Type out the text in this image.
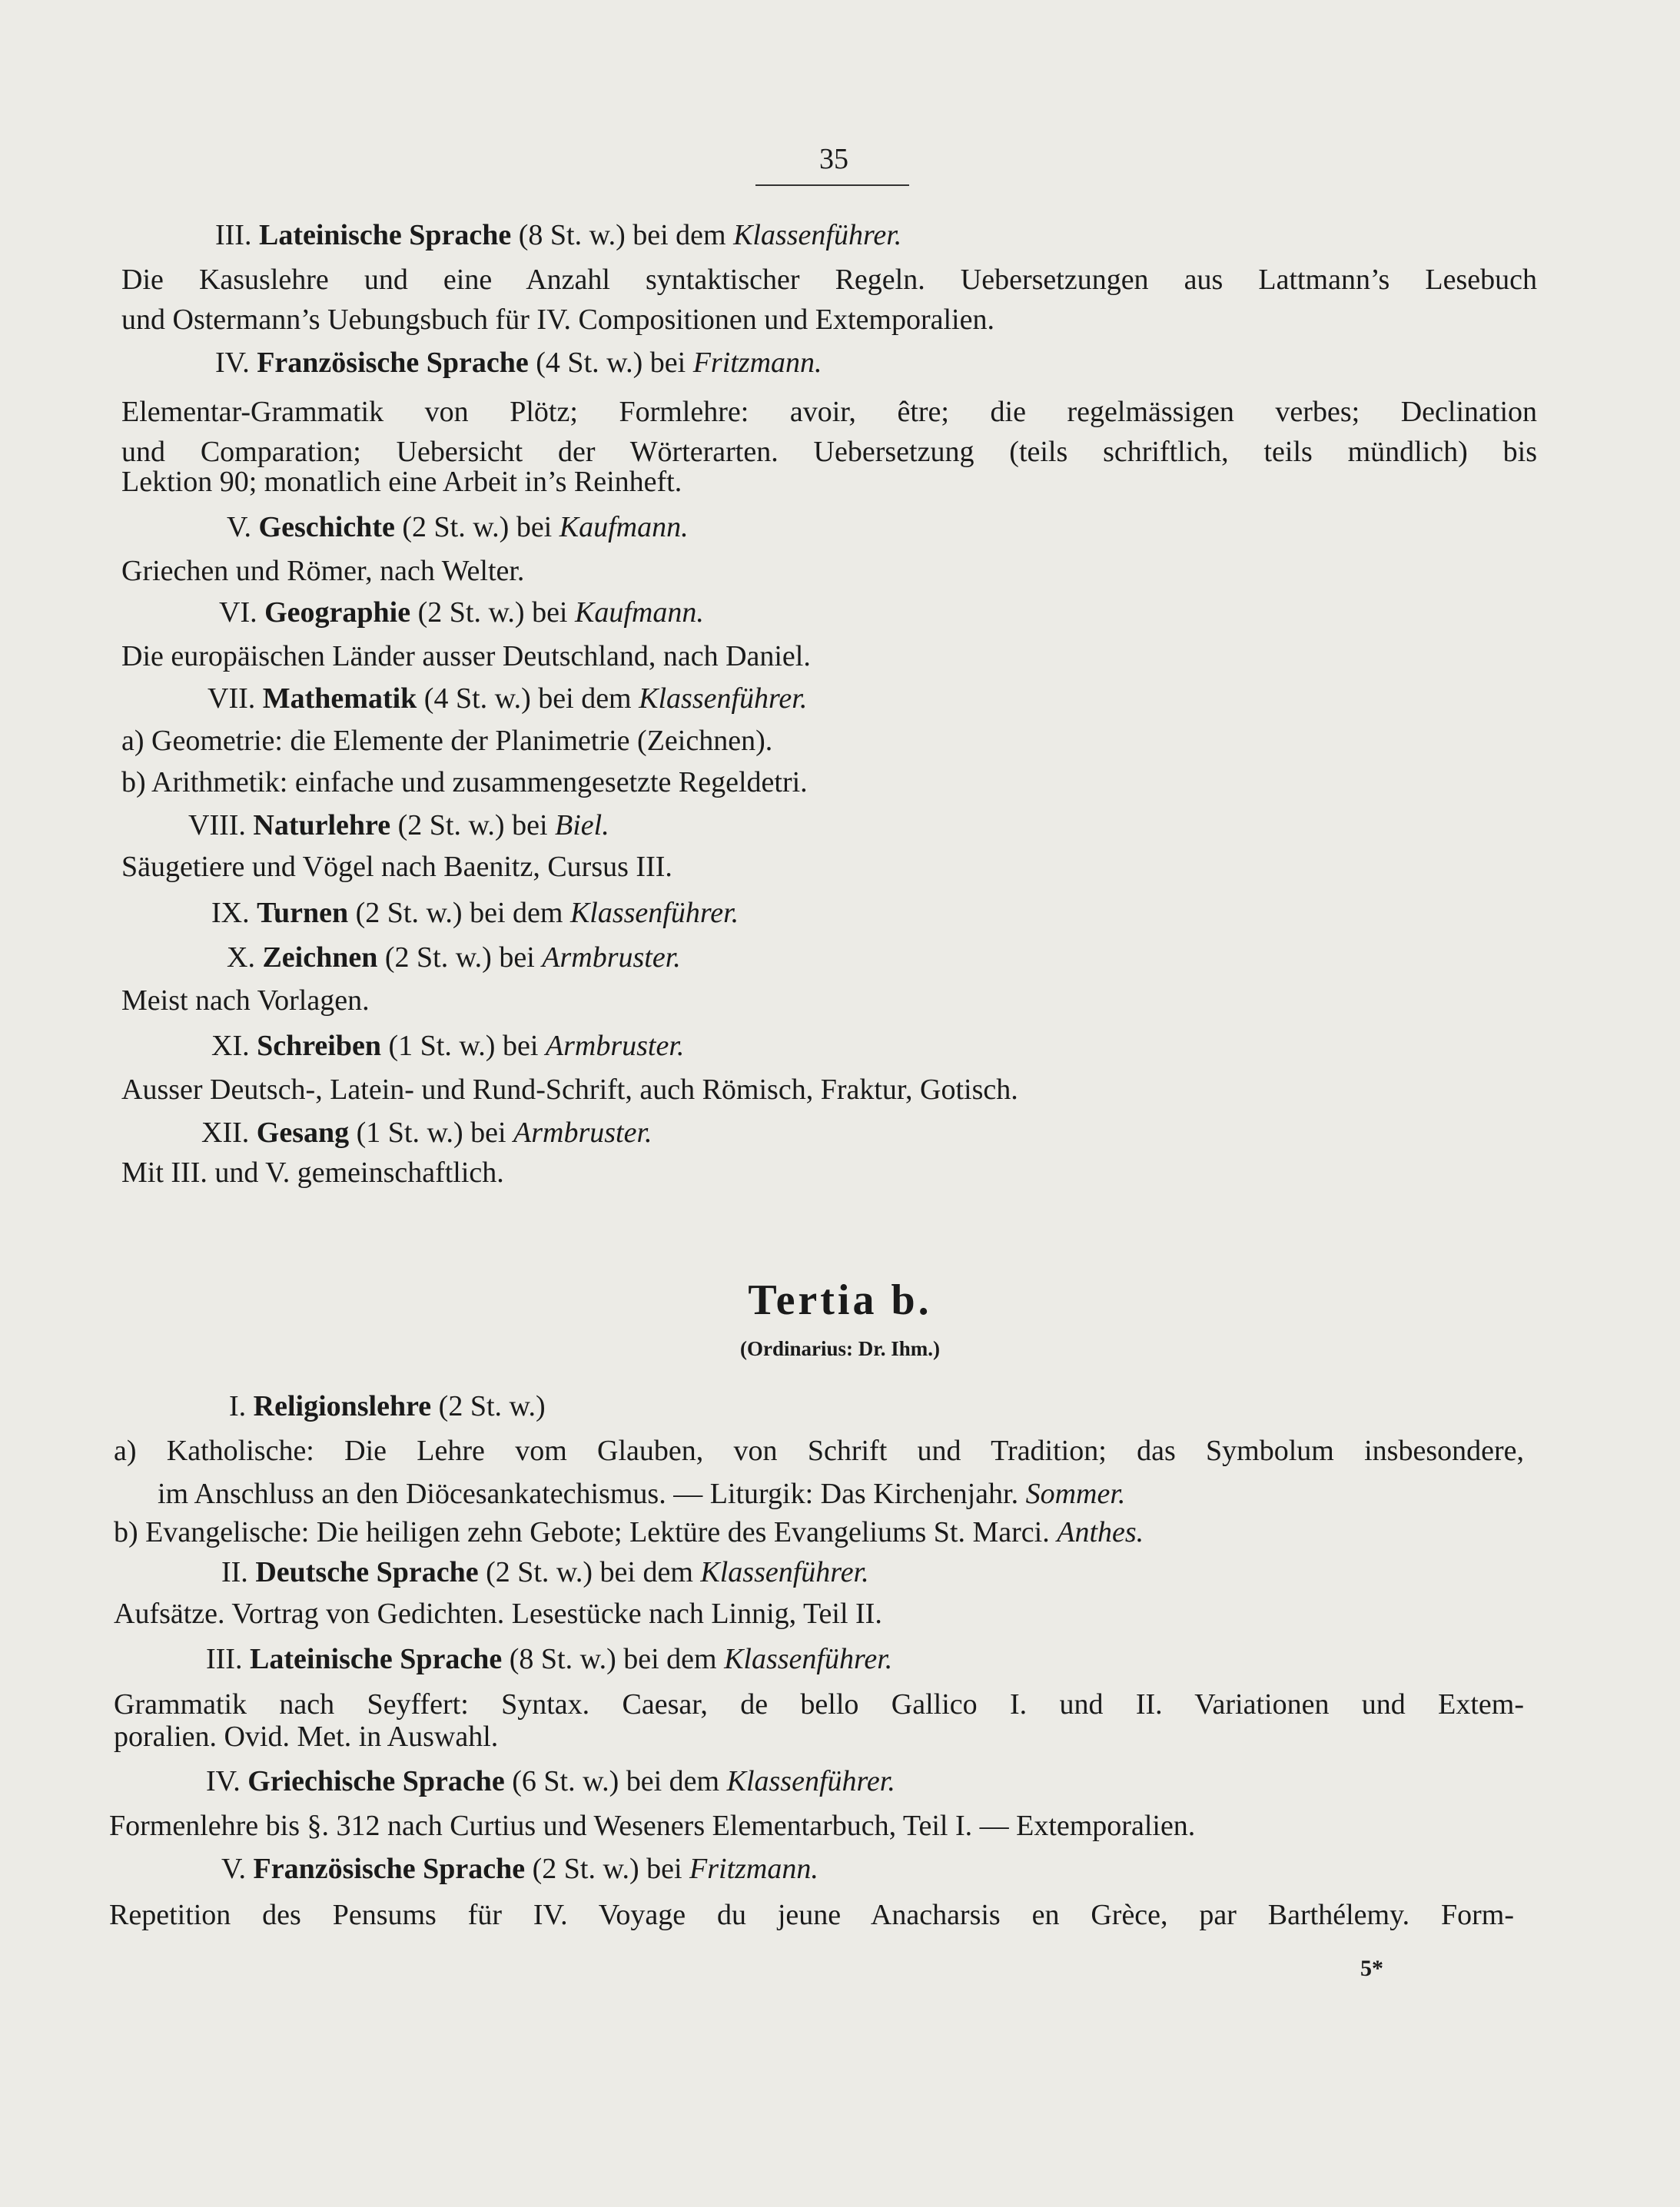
35
III. Lateinische Sprache (8 St. w.) bei dem Klassenführer.
Die Kasuslehre und eine Anzahl syntaktischer Regeln. Uebersetzungen aus Lattmann’s Lesebuch
und Ostermann’s Uebungsbuch für IV. Compositionen und Extemporalien.
IV. Französische Sprache (4 St. w.) bei Fritzmann.
Elementar-Grammatik von Plötz; Formlehre: avoir, être; die regelmässigen verbes; Declination
und Comparation; Uebersicht der Wörterarten. Uebersetzung (teils schriftlich, teils mündlich) bis
Lektion 90; monatlich eine Arbeit in’s Reinheft.
V. Geschichte (2 St. w.) bei Kaufmann.
Griechen und Römer, nach Welter.
VI. Geographie (2 St. w.) bei Kaufmann.
Die europäischen Länder ausser Deutschland, nach Daniel.
VII. Mathematik (4 St. w.) bei dem Klassenführer.
a) Geometrie: die Elemente der Planimetrie (Zeichnen).
b) Arithmetik: einfache und zusammengesetzte Regeldetri.
VIII. Naturlehre (2 St. w.) bei Biel.
Säugetiere und Vögel nach Baenitz, Cursus III.
IX. Turnen (2 St. w.) bei dem Klassenführer.
X. Zeichnen (2 St. w.) bei Armbruster.
Meist nach Vorlagen.
XI. Schreiben (1 St. w.) bei Armbruster.
Ausser Deutsch-, Latein- und Rund-Schrift, auch Römisch, Fraktur, Gotisch.
XII. Gesang (1 St. w.) bei Armbruster.
Mit III. und V. gemeinschaftlich.
Tertia b.
(Ordinarius: Dr. Ihm.)
I. Religionslehre (2 St. w.)
a) Katholische: Die Lehre vom Glauben, von Schrift und Tradition; das Symbolum insbesondere,
im Anschluss an den Diöcesankatechismus. — Liturgik: Das Kirchenjahr. Sommer.
b) Evangelische: Die heiligen zehn Gebote; Lektüre des Evangeliums St. Marci. Anthes.
II. Deutsche Sprache (2 St. w.) bei dem Klassenführer.
Aufsätze. Vortrag von Gedichten. Lesestücke nach Linnig, Teil II.
III. Lateinische Sprache (8 St. w.) bei dem Klassenführer.
Grammatik nach Seyffert: Syntax. Caesar, de bello Gallico I. und II. Variationen und Extem-
poralien. Ovid. Met. in Auswahl.
IV. Griechische Sprache (6 St. w.) bei dem Klassenführer.
Formenlehre bis §. 312 nach Curtius und Weseners Elementarbuch, Teil I. — Extemporalien.
V. Französische Sprache (2 St. w.) bei Fritzmann.
Repetition des Pensums für IV. Voyage du jeune Anacharsis en Grèce, par Barthélemy. Form-
5*
